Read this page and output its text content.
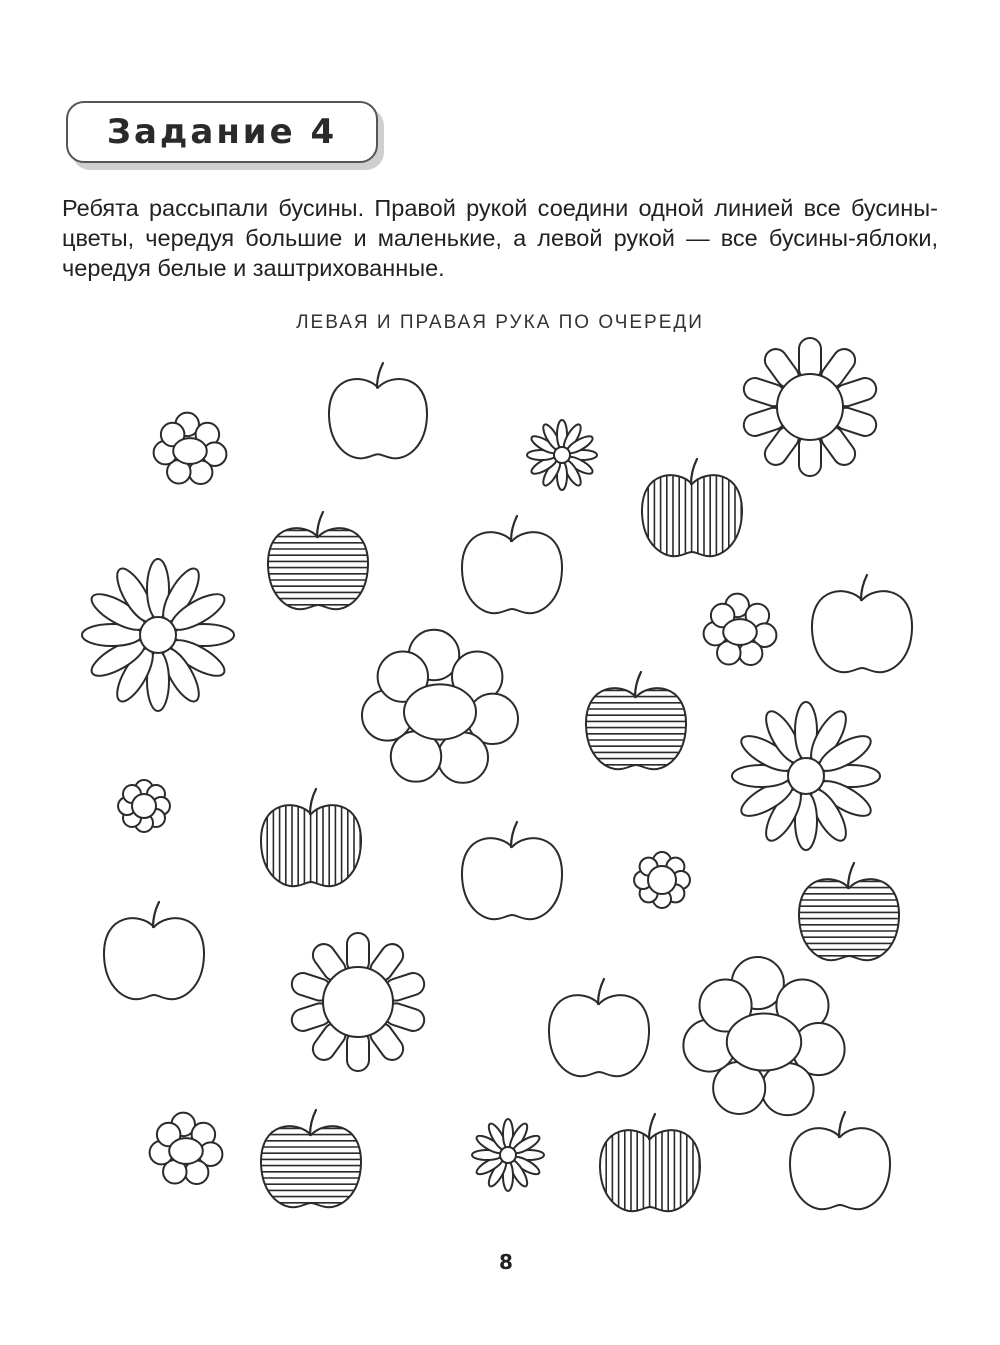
Задание 4
Ребята рассыпали бусины. Правой рукой соедини одной линией все бусины-цветы, чередуя большие и маленькие, а левой рукой — все бусины-яблоки, чередуя белые и заштрихованные.
ЛЕВАЯ И ПРАВАЯ РУКА ПО ОЧЕРЕДИ
8
